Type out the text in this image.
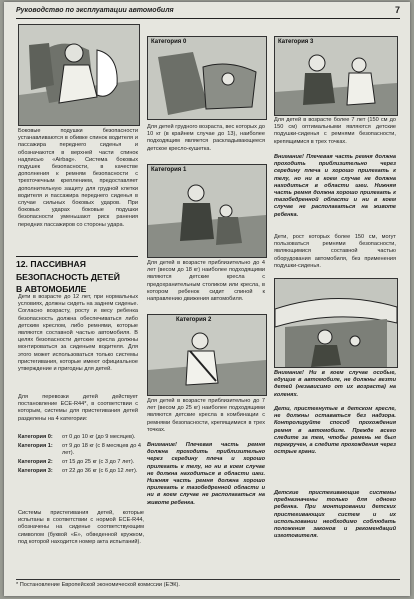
Руководство по эксплуатации автомобиля	7

Боковые подушки безопасности устанавливаются в обивке спинок водителя и пассажира переднего сиденья и обозначаются в верхней части спинок надписью «Airbag». Система боковых подушек безопасности, в качестве дополнения к ремням безопасности с трехточечным креплением, предоставляет дополнительную защиту для грудной клетки водителя и пассажира переднего сиденья в случае сильных боковых ударов. При боковых ударах боковые подушки безопасности уменьшают риск ранения передних пассажиров со стороны удара.

12. ПАССИВНАЯ
БЕЗОПАСНОСТЬ ДЕТЕЙ
В АВТОМОБИЛЕ

Дети в возрасте до 12 лет, при нормальных условиях, должны сидеть на заднем сиденье. Согласно возрасту, росту и весу ребенка безопасность должна обеспечиваться либо детским креслом, либо ремнями, которые являются составной частью автомобиля. В целях безопасности детские кресла должны монтироваться за сиденьем водителя. Для этого может использоваться только системы пристегивания, которые имеют официальное утверждение и пригодны для детей.

Для перевозки детей действует постановление ЕСЕ-R44*, в соответствии с которым, системы для пристегивания детей разделены на 4 категории:

Категория 0:	от 0 до 10 кг (до 9 месяцев).
Категория 1:	от 9 до 18 кг (с 8 месяцев до 4 лет).
Категория 2:	от 15 до 25 кг (с 3 до 7 лет).
Категория 3:	от 22 до 36 кг (с 6 до 12 лет).

Системы пристегивания детей, которые испытаны в соответствии с нормой ЕСЕ-R44, обозначены на сиденье соответствующим символом (буквой «Е», обведенной кружком, под которой находится номер акта испытаний).

Категория 0

Для детей грудного возраста, вес которых до 10 кг (в крайнем случае до 13), наиболее подходящим является раскладывающееся детское кресло-кушетка.

Категория 1

Для детей в возрасте приблизительно до 4 лет (весом до 18 кг) наиболее подходящими являются детские кресла с предохранительным столиком или кресла, в котором ребенок сидит спиной к направлению движения автомобиля.

Категория 2

Для детей в возрасте приблизительно до 7 лет (весом до 25 кг) наиболее подходящими являются детские кресла в комбинации с ремнями безопасности, крепящимися в трех точках.

Внимание! Плечевая часть ремня должна проходить приблизительно через середину плеча и хорошо прилегать к телу, но ни в коем случае не должна находиться в области шеи. Нижняя часть ремня должна хорошо прилегать к тазобедренной области и ни в коем случае не располагаться на животе ребенка.

Категория 3

Для детей в возрасте более 7 лет (150 см до 150 см) оптимальными являются детские подушки-сиденья с ремнями безопасности, крепящимися в трех точках.

Внимание! Плечевая часть ремня должна проходить приблизительно через середину плеча и хорошо прилегать к телу, но ни в коем случае не должна находиться в области шеи. Нижняя часть ремня должна хорошо прилегать к тазобедренной области и ни в коем случае не располагаться на животе ребенка.

Дети, рост которых более 150 см, могут пользоваться ремнями безопасности, являющимися составной частью оборудования автомобиля, без применения подушки-сиденья.

Внимание! Ни в коем случае особые, едущие в автомобиле, не должны везти детей (независимо от их возраста) на коленях.

Дети, пристегнутые в детском кресле, не должны оставаться без надзора. Контролируйте способ прохождения ремня в автомобиле. Прежде всего следите за тем, чтобы ремень не был перекручен, а следите прохождения через острые грани.

Детские пристегивающие системы предназначены только для одного ребенка. При монтировании детских пристегивающих систем и их использовании необходимо соблюдать положения законов и рекомендаций изготовителя.

* Постановление Европейской экономической комиссии (ЕЭК).
